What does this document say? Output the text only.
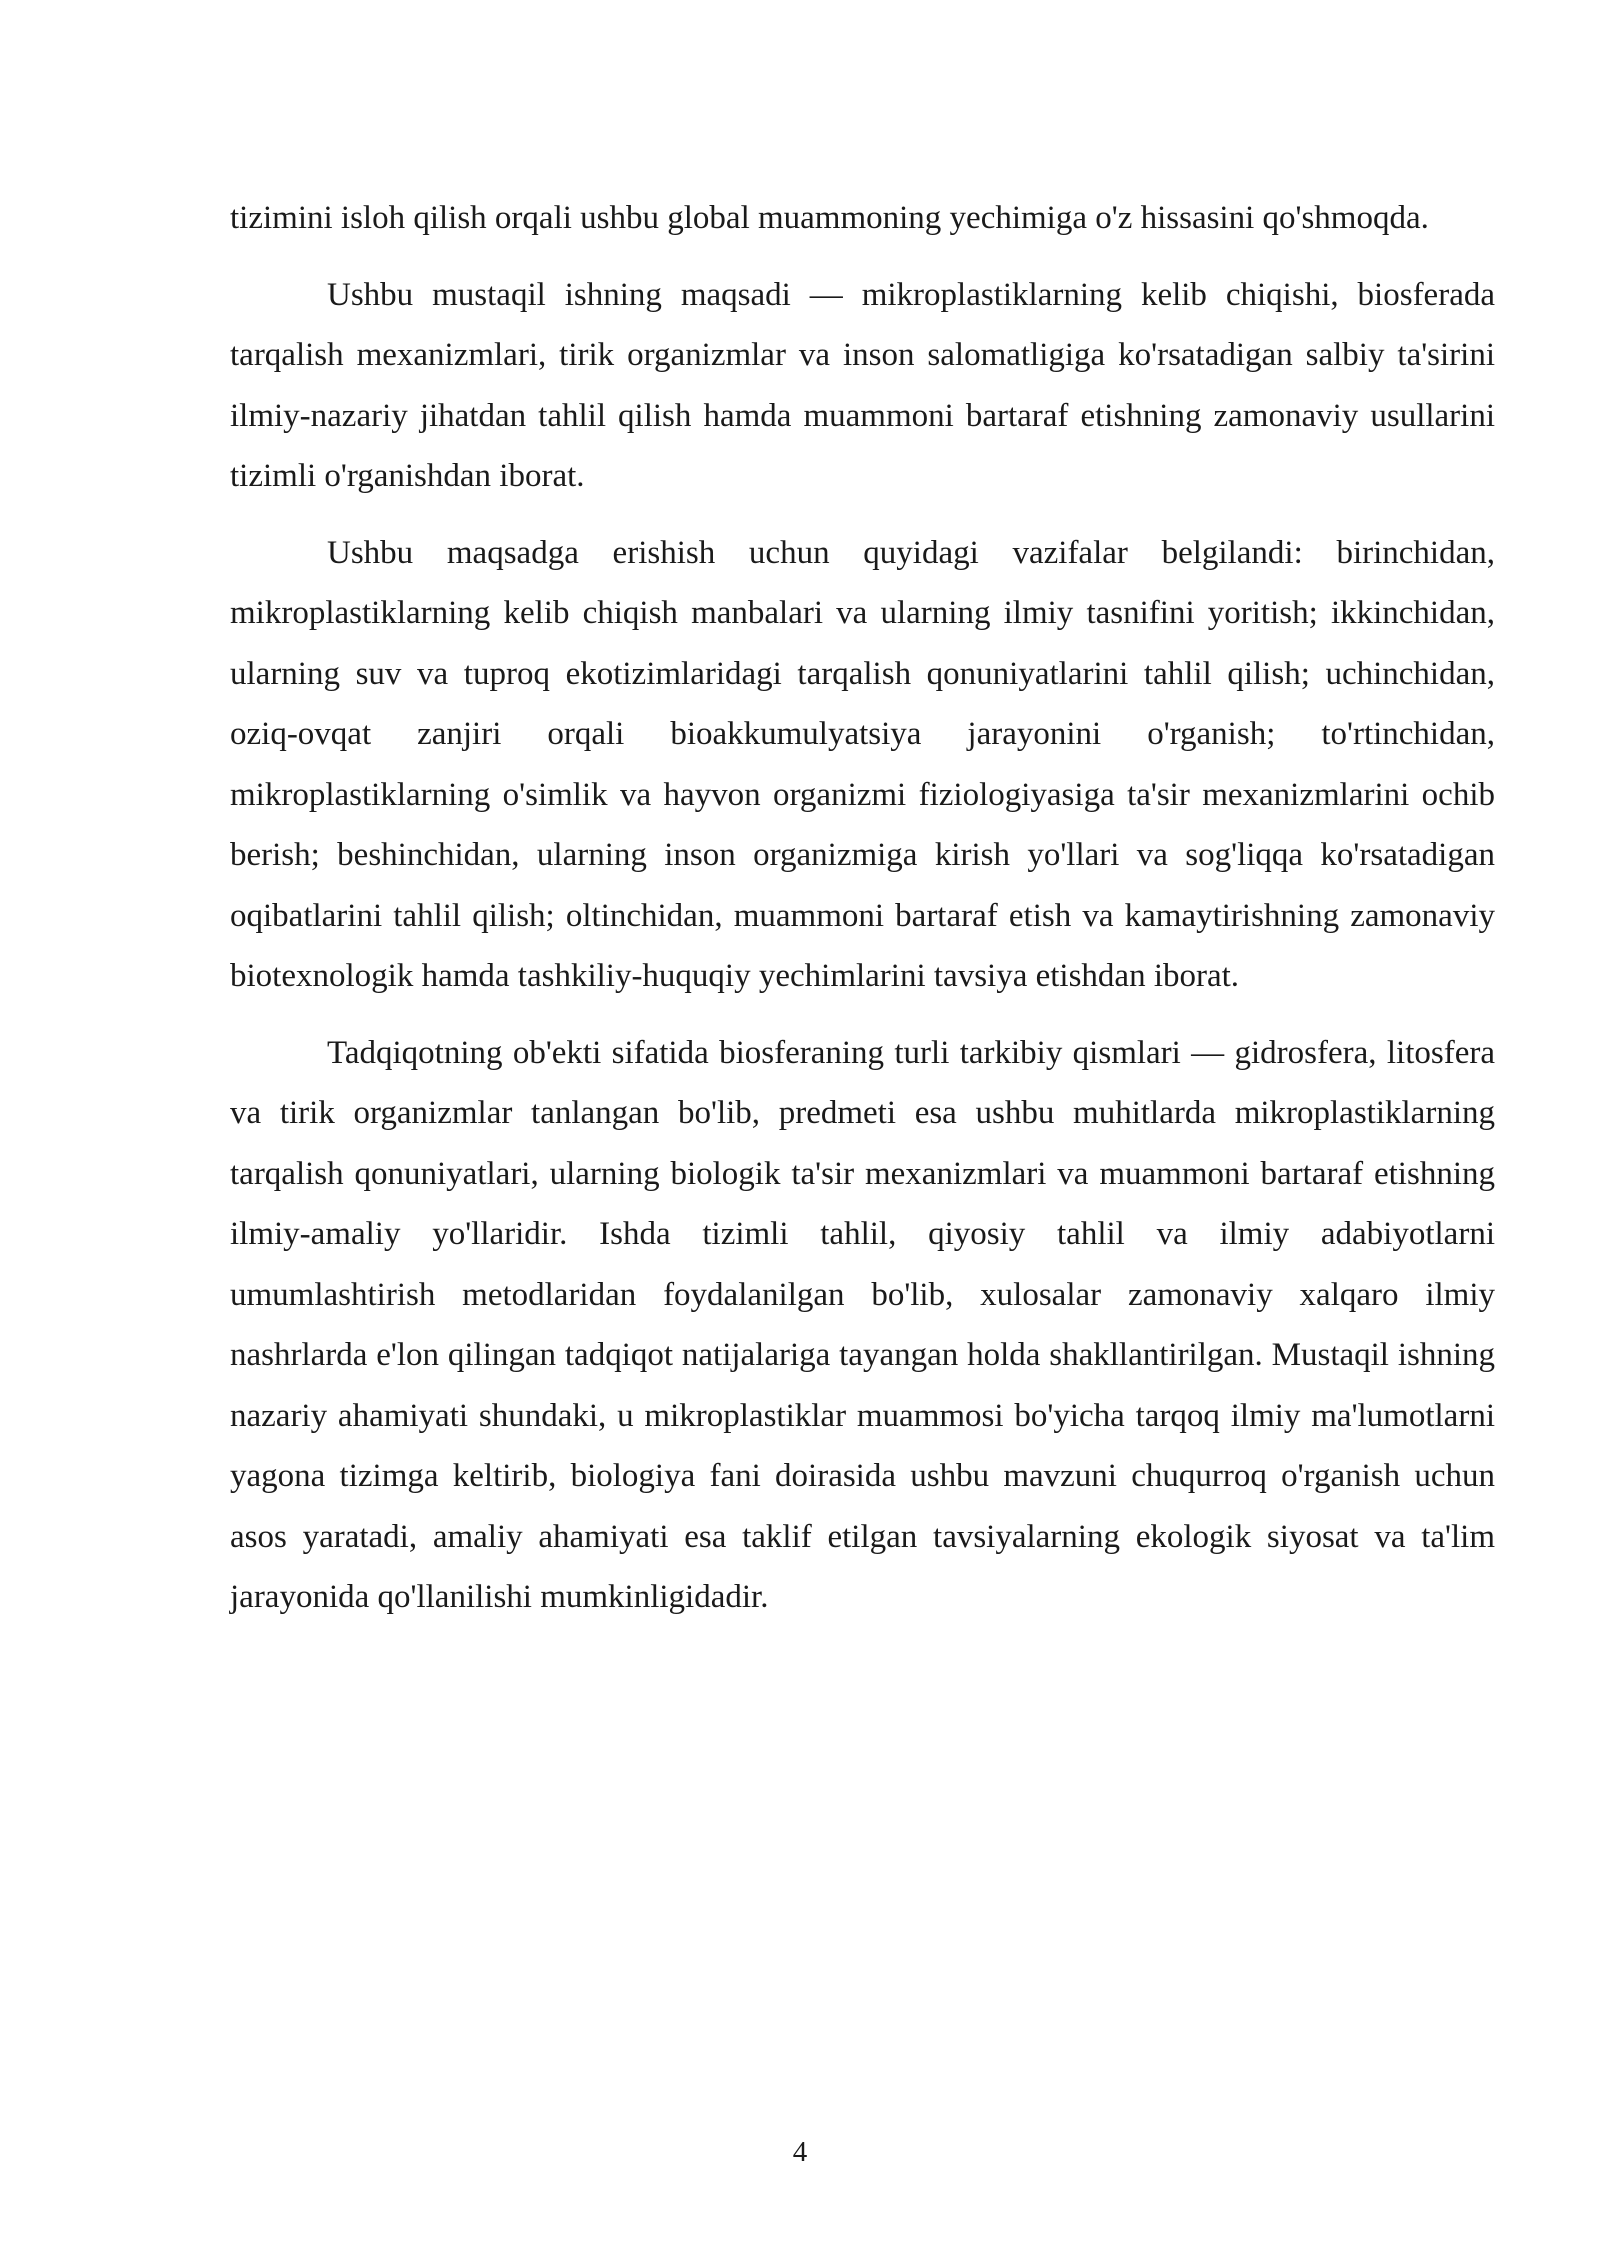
tizimini isloh qilish orqali ushbu global muammoning yechimiga o'z hissasini qo'shmoqda.

Ushbu mustaqil ishning maqsadi — mikroplastiklarning kelib chiqishi, biosferada tarqalish mexanizmlari, tirik organizmlar va inson salomatligiga ko'rsatadigan salbiy ta'sirini ilmiy-nazariy jihatdan tahlil qilish hamda muammoni bartaraf etishning zamonaviy usullarini tizimli o'rganishdan iborat.

Ushbu maqsadga erishish uchun quyidagi vazifalar belgilandi: birinchidan, mikroplastiklarning kelib chiqish manbalari va ularning ilmiy tasnifini yoritish; ikkinchidan, ularning suv va tuproq ekotizimlaridagi tarqalish qonuniyatlarini tahlil qilish; uchinchidan, oziq-ovqat zanjiri orqali bioakkumulyatsiya jarayonini o'rganish; to'rtinchidan, mikroplastiklarning o'simlik va hayvon organizmi fiziologiyasiga ta'sir mexanizmlarini ochib berish; beshinchidan, ularning inson organizmiga kirish yo'llari va sog'liqqa ko'rsatadigan oqibatlarini tahlil qilish; oltinchidan, muammoni bartaraf etish va kamaytirishning zamonaviy biotexnologik hamda tashkiliy-huquqiy yechimlarini tavsiya etishdan iborat.

Tadqiqotning ob'ekti sifatida biosferaning turli tarkibiy qismlari — gidrosfera, litosfera va tirik organizmlar tanlangan bo'lib, predmeti esa ushbu muhitlarda mikroplastiklarning tarqalish qonuniyatlari, ularning biologik ta'sir mexanizmlari va muammoni bartaraf etishning ilmiy-amaliy yo'llaridir. Ishda tizimli tahlil, qiyosiy tahlil va ilmiy adabiyotlarni umumlashtirish metodlaridan foydalanilgan bo'lib, xulosalar zamonaviy xalqaro ilmiy nashrlarda e'lon qilingan tadqiqot natijalariga tayangan holda shakllantirilgan. Mustaqil ishning nazariy ahamiyati shundaki, u mikroplastiklar muammosi bo'yicha tarqoq ilmiy ma'lumotlarni yagona tizimga keltirib, biologiya fani doirasida ushbu mavzuni chuqurroq o'rganish uchun asos yaratadi, amaliy ahamiyati esa taklif etilgan tavsiyalarning ekologik siyosat va ta'lim jarayonida qo'llanilishi mumkinligidadir.

4
